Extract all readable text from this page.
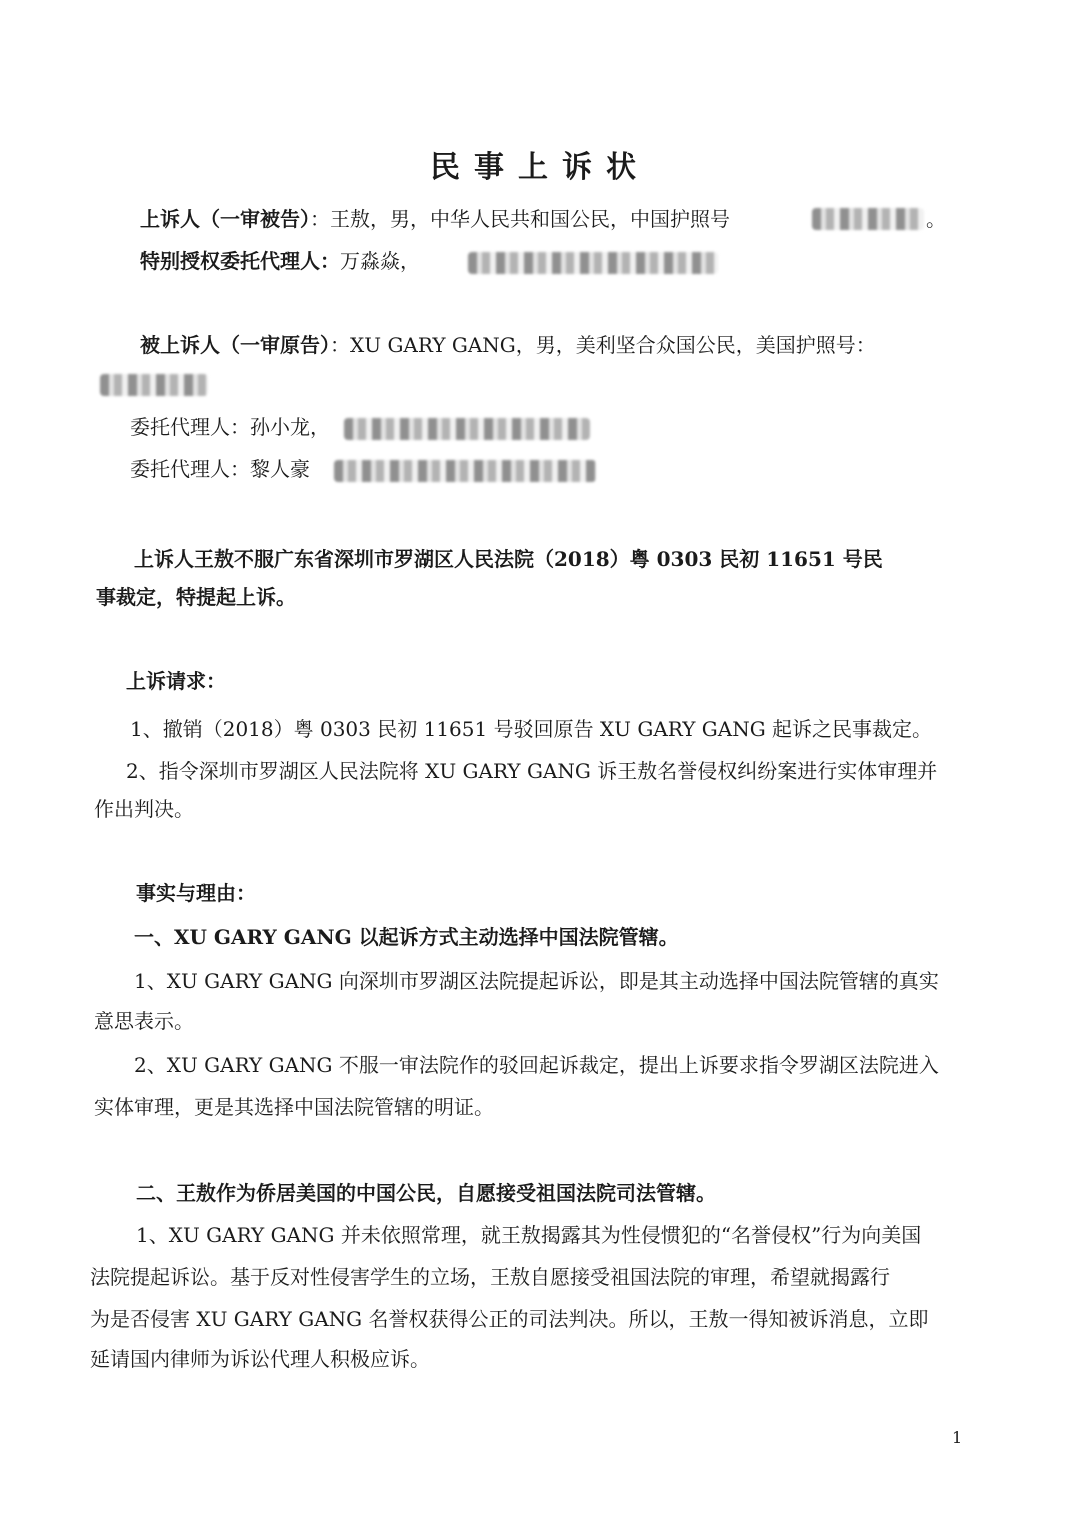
民事上诉状
上诉人（一审被告）：王敖，男，中华人民共和国公民，中国护照号	。
特别授权委托代理人：万淼焱，
被上诉人（一审原告）：XU GARY GANG，男，美利坚合众国公民，美国护照号：
委托代理人：孙小龙，
委托代理人：黎人豪
上诉人王敖不服广东省深圳市罗湖区人民法院（2018）粤 0303 民初 11651 号民
事裁定，特提起上诉。
上诉请求：
1、撤销（2018）粤 0303 民初 11651 号驳回原告 XU GARY GANG 起诉之民事裁定。
2、指令深圳市罗湖区人民法院将 XU GARY GANG 诉王敖名誉侵权纠纷案进行实体审理并
作出判决。
事实与理由：
一、XU GARY GANG 以起诉方式主动选择中国法院管辖。
1、XU GARY GANG 向深圳市罗湖区法院提起诉讼，即是其主动选择中国法院管辖的真实
意思表示。
2、XU GARY GANG 不服一审法院作的驳回起诉裁定，提出上诉要求指令罗湖区法院进入
实体审理，更是其选择中国法院管辖的明证。
二、王敖作为侨居美国的中国公民，自愿接受祖国法院司法管辖。
1、XU GARY GANG 并未依照常理，就王敖揭露其为性侵惯犯的“名誉侵权”行为向美国
法院提起诉讼。基于反对性侵害学生的立场，王敖自愿接受祖国法院的审理，希望就揭露行
为是否侵害 XU GARY GANG 名誉权获得公正的司法判决。所以，王敖一得知被诉消息，立即
延请国内律师为诉讼代理人积极应诉。
1
